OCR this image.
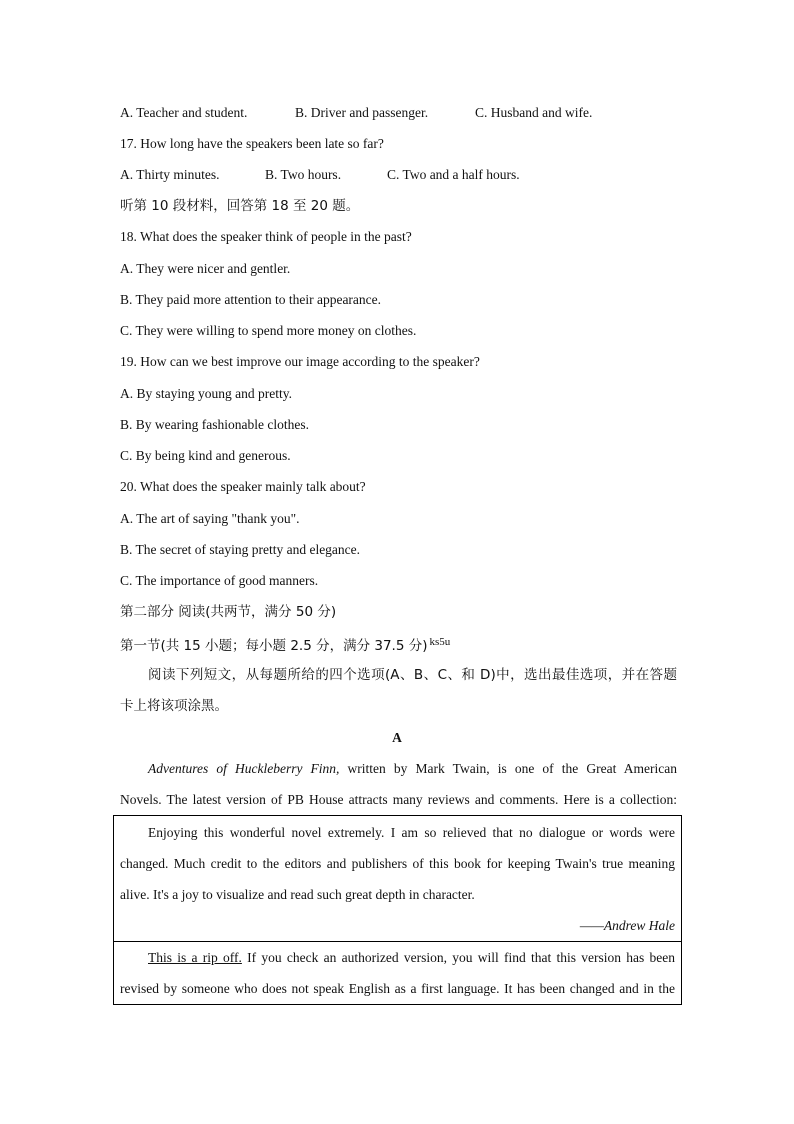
A. Teacher and student.	B. Driver and passenger.	C. Husband and wife.
17. How long have the speakers been late so far?
A. Thirty minutes.	B. Two hours.	C. Two and a half hours.
听第 10 段材料，回答第 18 至 20 题。
18. What does the speaker think of people in the past?
A. They were nicer and gentler.
B. They paid more attention to their appearance.
C. They were willing to spend more money on clothes.
19. How can we best improve our image according to the speaker?
A. By staying young and pretty.
B. By wearing fashionable clothes.
C. By being kind and generous.
20. What does the speaker mainly talk about?
A. The art of saying "thank you".
B. The secret of staying pretty and elegance.
C. The importance of good manners.
第二部分 阅读(共两节，满分 50 分)
第一节(共 15 小题；每小题 2.5 分，满分 37.5 分) $^{ks5u}$
阅读下列短文，从每题所给的四个选项(A、B、C、和 D)中，选出最佳选项，并在答题
卡上将该项涂黑。
A
Adventures of Huckleberry Finn, written by Mark Twain, is one of the Great American
Novels. The latest version of PB House attracts many reviews and comments. Here is a collection:
Enjoying this wonderful novel extremely. I am so relieved that no dialogue or words were
changed. Much credit to the editors and publishers of this book for keeping Twain's true meaning
alive. It's a joy to visualize and read such great depth in character.
——Andrew Hale
This is a rip off. If you check an authorized version, you will find that this version has been
revised by someone who does not speak English as a first language. It has been changed and in the
